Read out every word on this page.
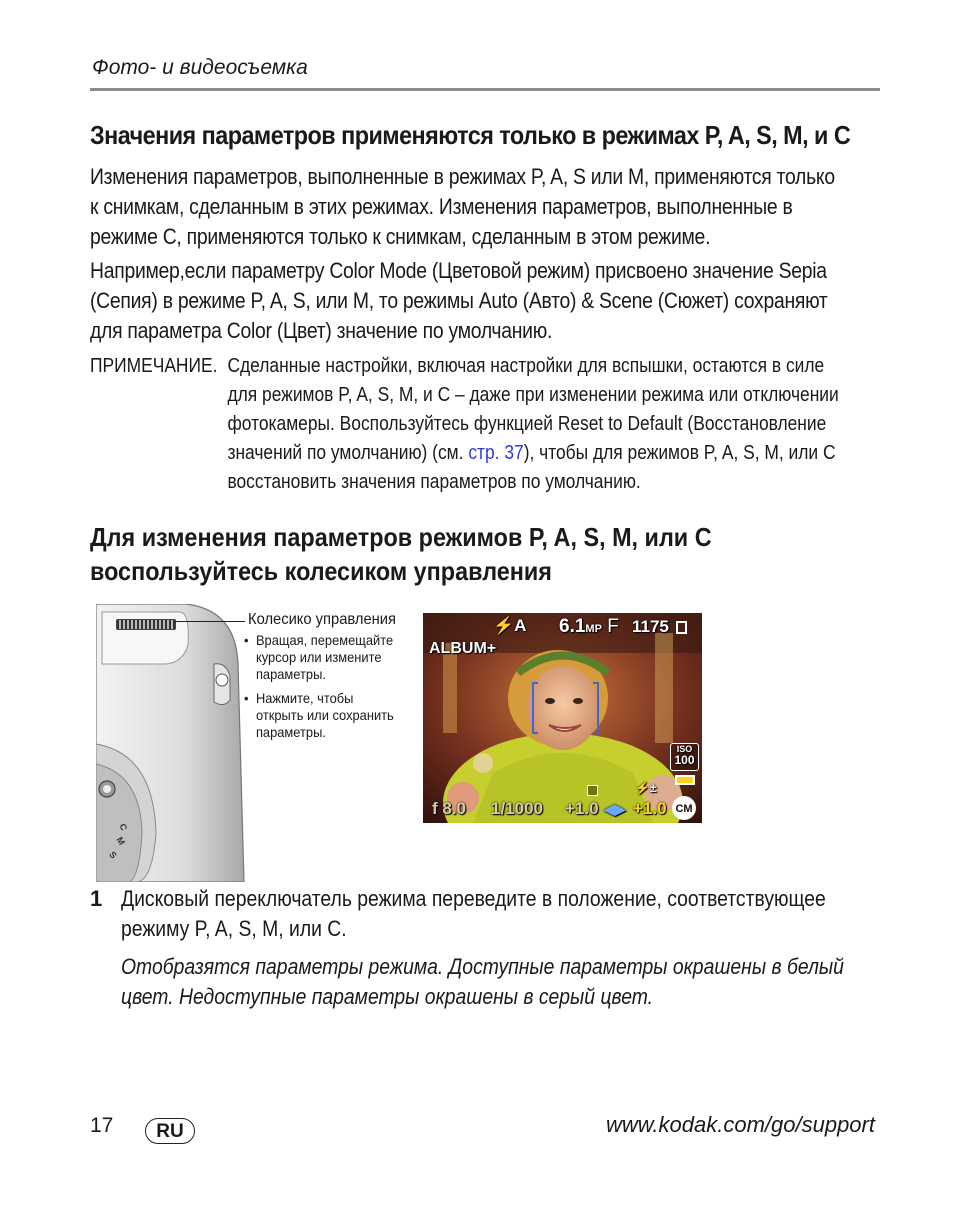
Фото- и видеосъемка
Значения параметров применяются только в режимах P, A, S, M, и C

Изменения параметров, выполненные в режимах P, A, S или M, применяются только к снимкам, сделанным в этих режимах. Изменения параметров, выполненные в режиме C, применяются только к снимкам, сделанным в этом режиме.

Например,если параметру Color Mode (Цветовой режим) присвоено значение Sepia (Сепия) в режиме P, A, S, или M, то режимы Auto (Авто) & Scene (Сюжет) сохраняют для параметра Color (Цвет) значение по умолчанию.

ПРИМЕЧАНИЕ. Сделанные настройки, включая настройки для вспышки, остаются в силе для режимов P, A, S, M, и C – даже при изменении режима или отключении фотокамеры. Воспользуйтесь функцией Reset to Default (Восстановление значений по умолчанию) (см. стр. 37), чтобы для режимов P, A, S, M, или C восстановить значения параметров по умолчанию.
Для изменения параметров режимов P, A, S, M, или C
воспользуйтесь колесиком управления
C
M
S
Колесико управления
• Вращая, перемещайте курсор или измените параметры.
• Нажмите, чтобы открыть или сохранить параметры.
⚡A 6.1MP F 1175
ALBUM+
ISO
100
⚡±
f 8.0 1/1000 +1.0 ◀▶ +1.0 CM
1 Дисковый переключатель режима переведите в положение, соответствующее режиму P, A, S, M, или C.
Отобразятся параметры режима. Доступные параметры окрашены в белый цвет. Недоступные параметры окрашены в серый цвет.
17	RU	www.kodak.com/go/support
